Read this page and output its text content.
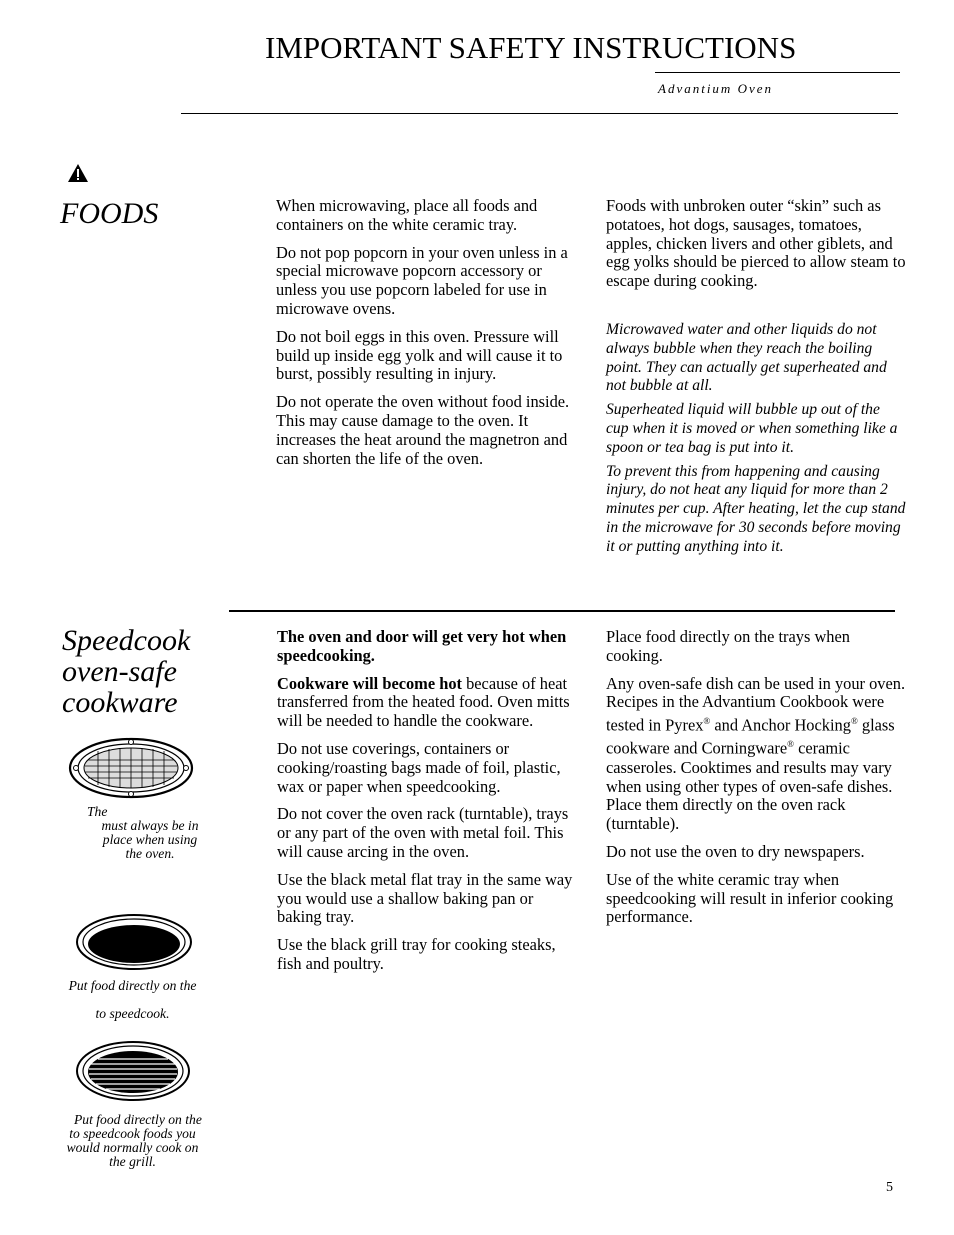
IMPORTANT SAFETY INSTRUCTIONS
Advantium Oven
FOODS	When microwaving, place all foods and containers on the white ceramic tray.

Do not pop popcorn in your oven unless in a special microwave popcorn accessory or unless you use popcorn labeled for use in microwave ovens.

Do not boil eggs in this oven. Pressure will build up inside egg yolk and will cause it to burst, possibly resulting in injury.

Do not operate the oven without food inside. This may cause damage to the oven. It increases the heat around the magnetron and can shorten the life of the oven.

Foods with unbroken outer “skin” such as potatoes, hot dogs, sausages, tomatoes, apples, chicken livers and other giblets, and egg yolks should be pierced to allow steam to escape during cooking.

Microwaved water and other liquids do not always bubble when they reach the boiling point. They can actually get superheated and not bubble at all.

Superheated liquid will bubble up out of the cup when it is moved or when something like a spoon or tea bag is put into it.

To prevent this from happening and causing injury, do not heat any liquid for more than 2 minutes per cup. After heating, let the cup stand in the microwave for 30 seconds before moving it or putting anything into it.

Speedcook
oven-safe
cookware
The
must always be in place when using the oven.
Put food directly on the
to speedcook.
Put food directly on the
to speedcook foods you would normally cook on the grill.

The oven and door will get very hot when speedcooking.

Cookware will become hot because of heat transferred from the heated food. Oven mitts will be needed to handle the cookware.

Do not use coverings, containers or cooking/roasting bags made of foil, plastic, wax or paper when speedcooking.

Do not cover the oven rack (turntable), trays or any part of the oven with metal foil. This will cause arcing in the oven.

Use the black metal flat tray in the same way you would use a shallow baking pan or baking tray.

Use the black grill tray for cooking steaks, fish and poultry.

Place food directly on the trays when cooking.

Any oven-safe dish can be used in your oven. Recipes in the Advantium Cookbook were tested in Pyrex® and Anchor Hocking® glass cookware and Corningware® ceramic casseroles. Cooktimes and results may vary when using other types of oven-safe dishes. Place them directly on the oven rack (turntable).

Do not use the oven to dry newspapers.

Use of the white ceramic tray when speedcooking will result in inferior cooking performance.

5
